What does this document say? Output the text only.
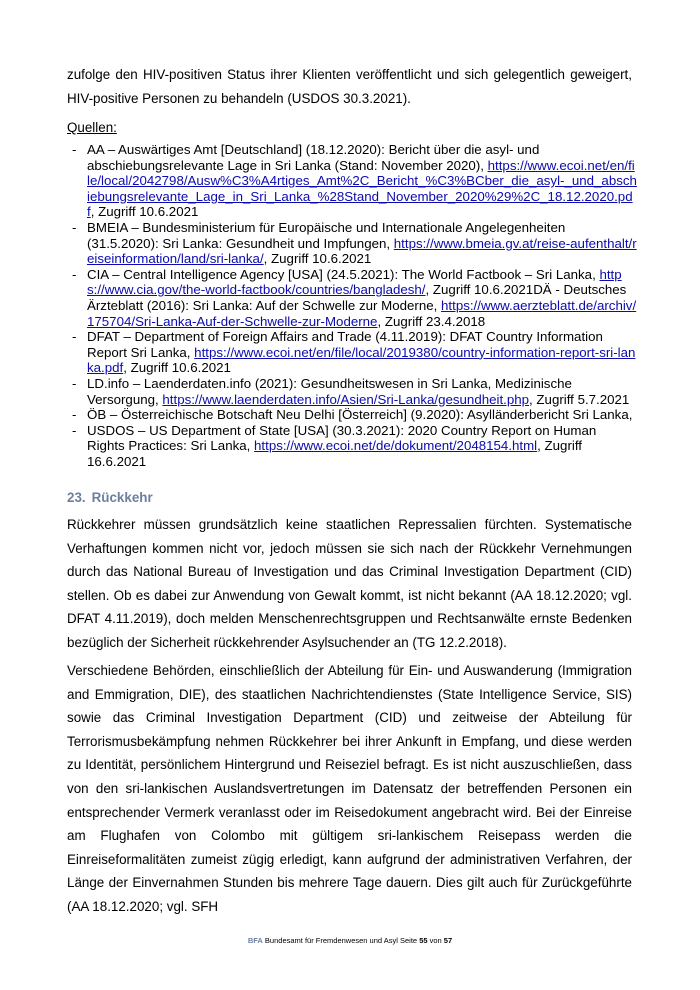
zufolge den HIV-positiven Status ihrer Klienten veröffentlicht und sich gelegentlich geweigert, HIV-positive Personen zu behandeln (USDOS 30.3.2021).

Quellen:

- AA – Auswärtiges Amt [Deutschland] (18.12.2020): Bericht über die asyl- und abschiebungsrelevante Lage in Sri Lanka (Stand: November 2020), https://www.ecoi.net/en/file/local/2042798/Ausw%C3%A4rtiges_Amt%2C_Bericht_%C3%BCber_die_asyl-_und_abschiebungsrelevante_Lage_in_Sri_Lanka_%28Stand_November_2020%29%2C_18.12.2020.pdf, Zugriff 10.6.2021
- BMEIA – Bundesministerium für Europäische und Internationale Angelegenheiten (31.5.2020): Sri Lanka: Gesundheit und Impfungen, https://www.bmeia.gv.at/reise-aufenthalt/reiseinformation/land/sri-lanka/, Zugriff 10.6.2021
- CIA – Central Intelligence Agency [USA] (24.5.2021): The World Factbook – Sri Lanka, https://www.cia.gov/the-world-factbook/countries/bangladesh/, Zugriff 10.6.2021DÄ - Deutsches Ärzteblatt (2016): Sri Lanka: Auf der Schwelle zur Moderne, https://www.aerzteblatt.de/archiv/175704/Sri-Lanka-Auf-der-Schwelle-zur-Moderne, Zugriff 23.4.2018
- DFAT – Department of Foreign Affairs and Trade (4.11.2019): DFAT Country Information Report Sri Lanka, https://www.ecoi.net/en/file/local/2019380/country-information-report-sri-lanka.pdf, Zugriff 10.6.2021
- LD.info – Laenderdaten.info (2021): Gesundheitswesen in Sri Lanka, Medizinische Versorgung, https://www.laenderdaten.info/Asien/Sri-Lanka/gesundheit.php, Zugriff 5.7.2021
- ÖB – Österreichische Botschaft Neu Delhi [Österreich] (9.2020): Asylländerbericht Sri Lanka,
- USDOS – US Department of State [USA] (30.3.2021): 2020 Country Report on Human Rights Practices: Sri Lanka, https://www.ecoi.net/de/dokument/2048154.html, Zugriff 16.6.2021

23. Rückkehr

Rückkehrer müssen grundsätzlich keine staatlichen Repressalien fürchten. Systematische Verhaftungen kommen nicht vor, jedoch müssen sie sich nach der Rückkehr Vernehmungen durch das National Bureau of Investigation und das Criminal Investigation Department (CID) stellen. Ob es dabei zur Anwendung von Gewalt kommt, ist nicht bekannt (AA 18.12.2020; vgl. DFAT 4.11.2019), doch melden Menschenrechtsgruppen und Rechtsanwälte ernste Bedenken bezüglich der Sicherheit rückkehrender Asylsuchender an (TG 12.2.2018).

Verschiedene Behörden, einschließlich der Abteilung für Ein- und Auswanderung (Immigration and Emmigration, DIE), des staatlichen Nachrichtendienstes (State Intelligence Service, SIS) sowie das Criminal Investigation Department (CID) und zeitweise der Abteilung für Terrorismusbekämpfung nehmen Rückkehrer bei ihrer Ankunft in Empfang, und diese werden zu Identität, persönlichem Hintergrund und Reiseziel befragt. Es ist nicht auszuschließen, dass von den sri-lankischen Auslandsvertretungen im Datensatz der betreffenden Personen ein entsprechender Vermerk veranlasst oder im Reisedokument angebracht wird. Bei der Einreise am Flughafen von Colombo mit gültigem sri-lankischem Reisepass werden die Einreiseformalitäten zumeist zügig erledigt, kann aufgrund der administrativen Verfahren, der Länge der Einvernahmen Stunden bis mehrere Tage dauern. Dies gilt auch für Zurückgeführte (AA 18.12.2020; vgl. SFH

BFA Bundesamt für Fremdenwesen und Asyl Seite 55 von 57
